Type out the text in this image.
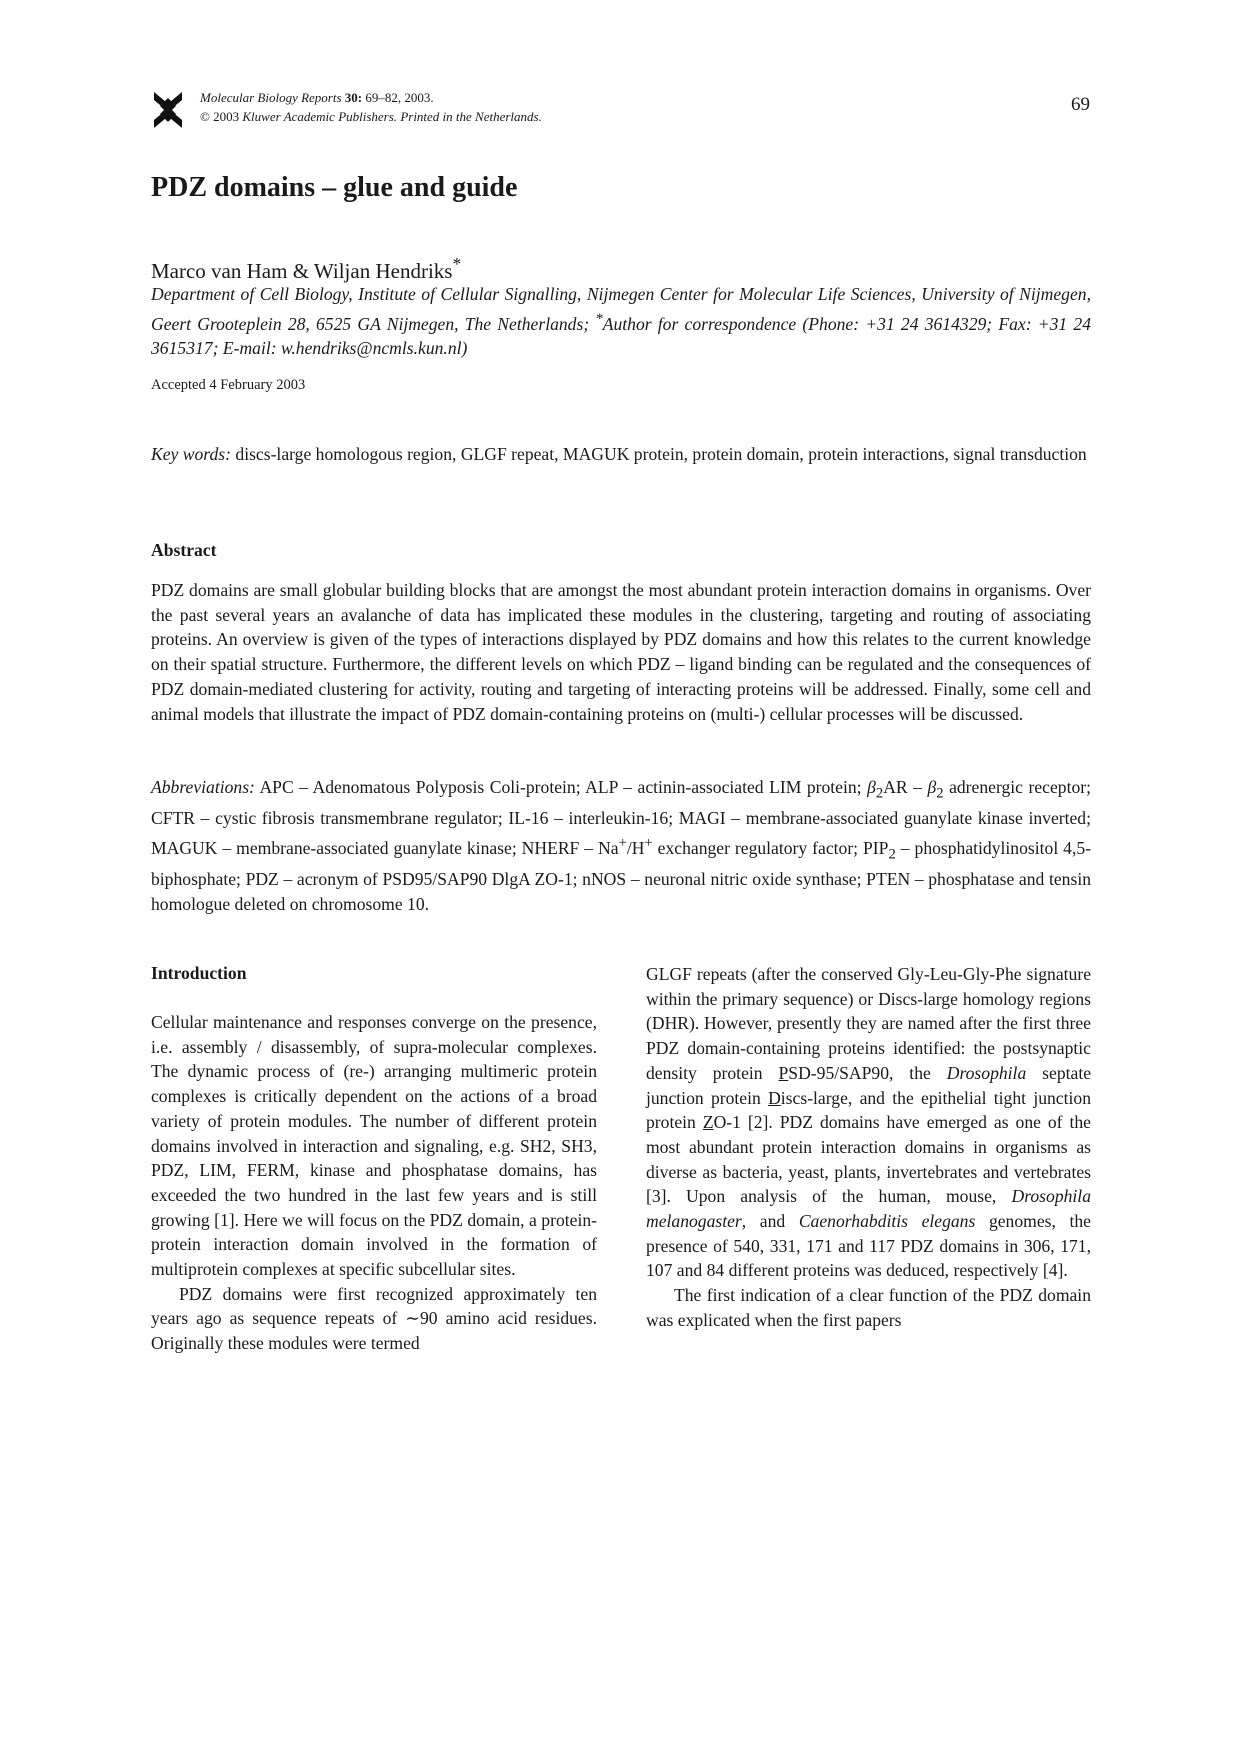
Molecular Biology Reports 30: 69–82, 2003.
© 2003 Kluwer Academic Publishers. Printed in the Netherlands.
69
PDZ domains – glue and guide
Marco van Ham & Wiljan Hendriks*
Department of Cell Biology, Institute of Cellular Signalling, Nijmegen Center for Molecular Life Sciences, University of Nijmegen, Geert Grooteplein 28, 6525 GA Nijmegen, The Netherlands; *Author for correspondence (Phone: +31 24 3614329; Fax: +31 24 3615317; E-mail: w.hendriks@ncmls.kun.nl)
Accepted 4 February 2003
Key words: discs-large homologous region, GLGF repeat, MAGUK protein, protein domain, protein interactions, signal transduction
Abstract
PDZ domains are small globular building blocks that are amongst the most abundant protein interaction domains in organisms. Over the past several years an avalanche of data has implicated these modules in the clustering, targeting and routing of associating proteins. An overview is given of the types of interactions displayed by PDZ domains and how this relates to the current knowledge on their spatial structure. Furthermore, the different levels on which PDZ – ligand binding can be regulated and the consequences of PDZ domain-mediated clustering for activity, routing and targeting of interacting proteins will be addressed. Finally, some cell and animal models that illustrate the impact of PDZ domain-containing proteins on (multi-) cellular processes will be discussed.
Abbreviations: APC – Adenomatous Polyposis Coli-protein; ALP – actinin-associated LIM protein; $\beta_2AR - \beta_2$ adrenergic receptor; CFTR – cystic fibrosis transmembrane regulator; IL-16 – interleukin-16; MAGI – membrane-associated guanylate kinase inverted; MAGUK – membrane-associated guanylate kinase; NHERF – Na+/H+ exchanger regulatory factor; $PIP_2$ – phosphatidylinositol 4,5-biphosphate; PDZ – acronym of PSD95/SAP90 DlgA ZO-1; nNOS – neuronal nitric oxide synthase; PTEN – phosphatase and tensin homologue deleted on chromosome 10.
Introduction

Cellular maintenance and responses converge on the presence, i.e. assembly / disassembly, of supra-molecular complexes. The dynamic process of (re-) arranging multimeric protein complexes is critically dependent on the actions of a broad variety of protein modules. The number of different protein domains involved in interaction and signaling, e.g. SH2, SH3, PDZ, LIM, FERM, kinase and phosphatase domains, has exceeded the two hundred in the last few years and is still growing [1]. Here we will focus on the PDZ domain, a protein-protein interaction domain involved in the formation of multiprotein complexes at specific subcellular sites.

PDZ domains were first recognized approximately ten years ago as sequence repeats of ∼90 amino acid residues. Originally these modules were termed

GLGF repeats (after the conserved Gly-Leu-Gly-Phe signature within the primary sequence) or Discs-large homology regions (DHR). However, presently they are named after the first three PDZ domain-containing proteins identified: the postsynaptic density protein PSD-95/SAP90, the Drosophila septate junction protein Discs-large, and the epithelial tight junction protein ZO-1 [2]. PDZ domains have emerged as one of the most abundant protein interaction domains in organisms as diverse as bacteria, yeast, plants, invertebrates and vertebrates [3]. Upon analysis of the human, mouse, Drosophila melanogaster, and Caenorhabditis elegans genomes, the presence of 540, 331, 171 and 117 PDZ domains in 306, 171, 107 and 84 different proteins was deduced, respectively [4].

The first indication of a clear function of the PDZ domain was explicated when the first papers
